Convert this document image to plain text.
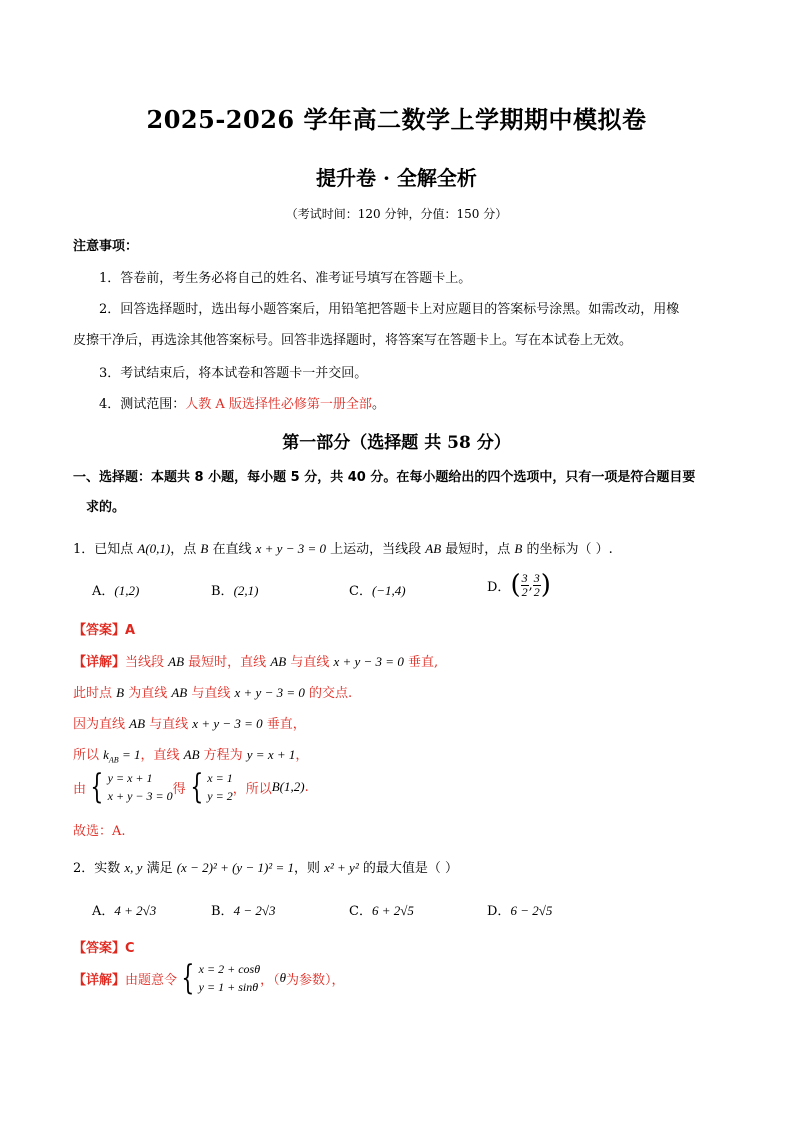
2025-2026 学年高二数学上学期期中模拟卷
提升卷 · 全解全析
（考试时间：120 分钟，分值：150 分）
注意事项：
1．答卷前，考生务必将自己的姓名、准考证号填写在答题卡上。
2．回答选择题时，选出每小题答案后，用铅笔把答题卡上对应题目的答案标号涂黑。如需改动，用橡
皮擦干净后，再选涂其他答案标号。回答非选择题时，将答案写在答题卡上。写在本试卷上无效。
3．考试结束后，将本试卷和答题卡一并交回。
4．测试范围：人教 A 版选择性必修第一册全部。
第一部分（选择题 共 58 分）
一、选择题：本题共 8 小题，每小题 5 分，共 40 分。在每小题给出的四个选项中，只有一项是符合题目要
求的。
1．已知点 A(0,1)，点 B 在直线 x + y − 3 = 0 上运动，当线段 AB 最短时，点 B 的坐标为（ ）.
A．(1,2)	B．(2,1)	C．(−1,4)	D． ( $\frac{3}{2}$ , $\frac{3}{2}$ )
【答案】A
【详解】当线段 AB 最短时，直线 AB 与直线 x + y − 3 = 0 垂直,
此时点 B 为直线 AB 与直线 x + y − 3 = 0 的交点.
因为直线 AB 与直线 x + y − 3 = 0 垂直，
所以 $k_{AB} = 1$，直线 AB 方程为 y = x + 1，
由 { y = x + 1
x + y − 3 = 0 得 { x = 1
y = 2 ，所以 B(1,2) .
故选：A.
2．实数 x, y 满足 (x − 2)² + (y − 1)² = 1，则 x² + y² 的最大值是（ ）
A．4 + 2√3	B．4 − 2√3	C．6 + 2√5	D．6 − 2√5
【答案】C
【详解】 由题意令 { x = 2 + cosθ
y = 1 + sinθ ，（ θ 为参数），
